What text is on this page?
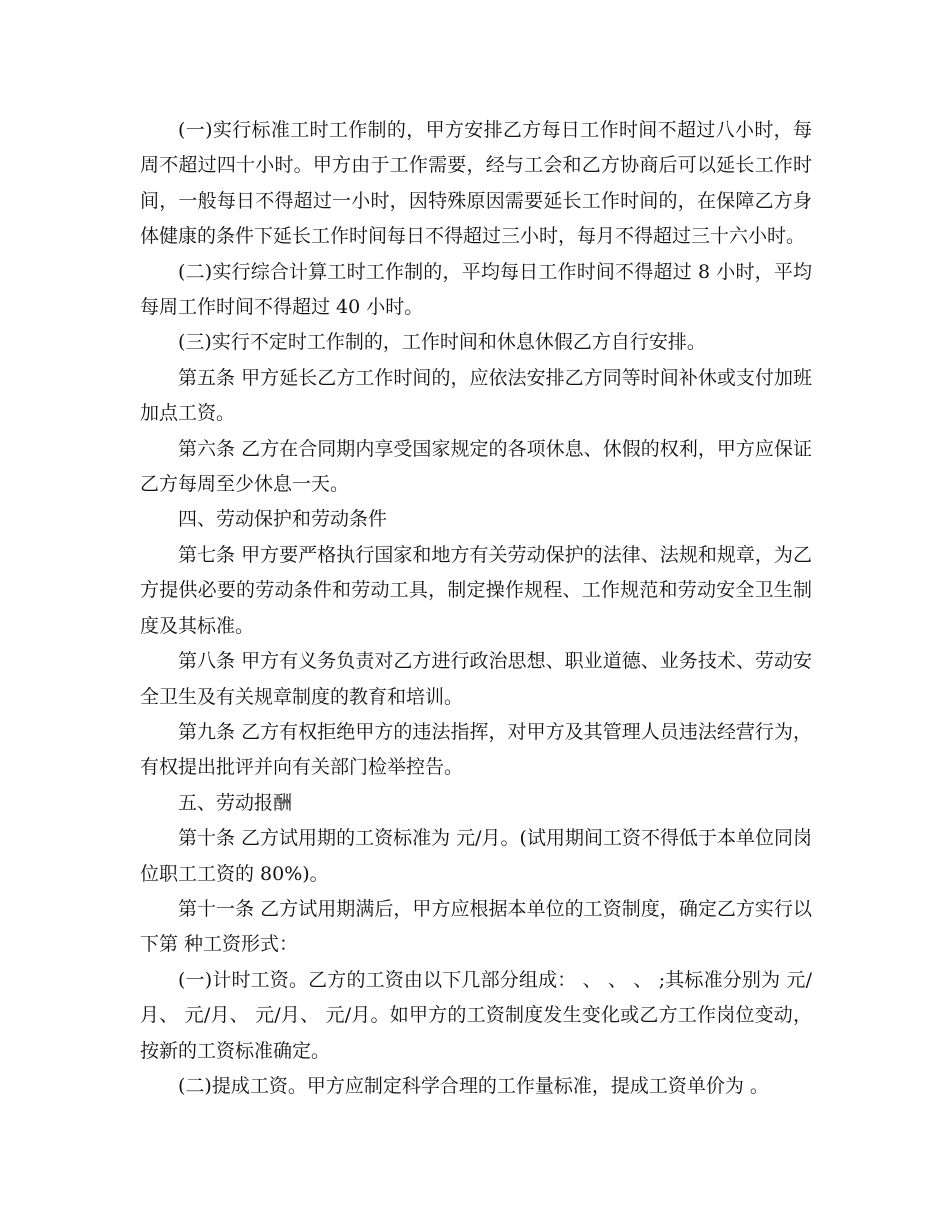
(一)实行标准工时工作制的，甲方安排乙方每日工作时间不超过八小时，每周不超过四十小时。甲方由于工作需要，经与工会和乙方协商后可以延长工作时间，一般每日不得超过一小时，因特殊原因需要延长工作时间的，在保障乙方身体健康的条件下延长工作时间每日不得超过三小时，每月不得超过三十六小时。

(二)实行综合计算工时工作制的，平均每日工作时间不得超过 8 小时，平均每周工作时间不得超过 40 小时。

(三)实行不定时工作制的，工作时间和休息休假乙方自行安排。

第五条 甲方延长乙方工作时间的，应依法安排乙方同等时间补休或支付加班加点工资。

第六条 乙方在合同期内享受国家规定的各项休息、休假的权利，甲方应保证乙方每周至少休息一天。

四、劳动保护和劳动条件

第七条 甲方要严格执行国家和地方有关劳动保护的法律、法规和规章，为乙方提供必要的劳动条件和劳动工具，制定操作规程、工作规范和劳动安全卫生制度及其标准。

第八条 甲方有义务负责对乙方进行政治思想、职业道德、业务技术、劳动安全卫生及有关规章制度的教育和培训。

第九条 乙方有权拒绝甲方的违法指挥，对甲方及其管理人员违法经营行为，有权提出批评并向有关部门检举控告。

五、劳动报酬

第十条 乙方试用期的工资标准为 元/月。(试用期间工资不得低于本单位同岗位职工工资的 80%)。

第十一条 乙方试用期满后，甲方应根据本单位的工资制度，确定乙方实行以下第 种工资形式：

(一)计时工资。乙方的工资由以下几部分组成： 、 、 、 ;其标准分别为 元/月、 元/月、 元/月、 元/月。如甲方的工资制度发生变化或乙方工作岗位变动，按新的工资标准确定。

(二)提成工资。甲方应制定科学合理的工作量标准，提成工资单价为 。
